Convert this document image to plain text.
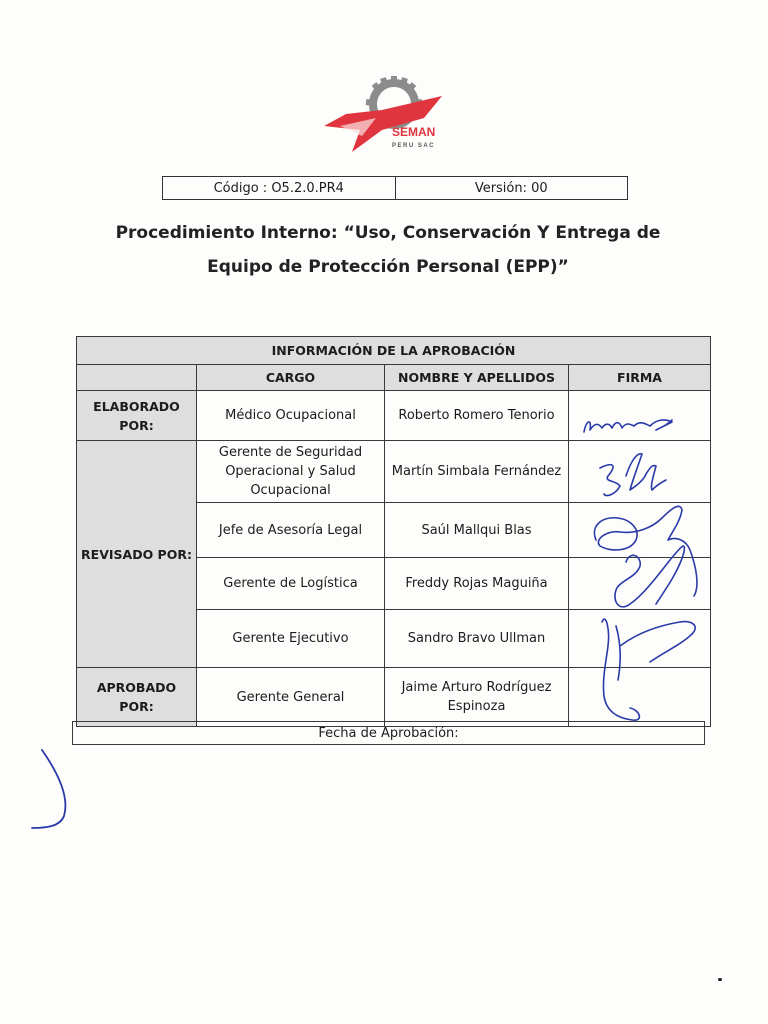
SEMAN
PERU SAC
Código : O5.2.0.PR4	Versión: 00
Procedimiento Interno: “Uso, Conservación Y Entrega de
Equipo de Protección Personal (EPP)”
INFORMACIÓN DE LA APROBACIÓN			
	CARGO	NOMBRE Y APELLIDOS	FIRMA
ELABORADO POR:	Médico Ocupacional	Roberto Romero Tenorio	
REVISADO POR:	Gerente de Seguridad Operacional y Salud Ocupacional	Martín Simbala Fernández	
	Jefe de Asesoría Legal	Saúl Mallqui Blas	
	Gerente de Logística	Freddy Rojas Maguiña	
	Gerente Ejecutivo	Sandro Bravo Ullman	
APROBADO POR:	Gerente General	Jaime Arturo Rodríguez Espinoza	
Fecha de Aprobación:
